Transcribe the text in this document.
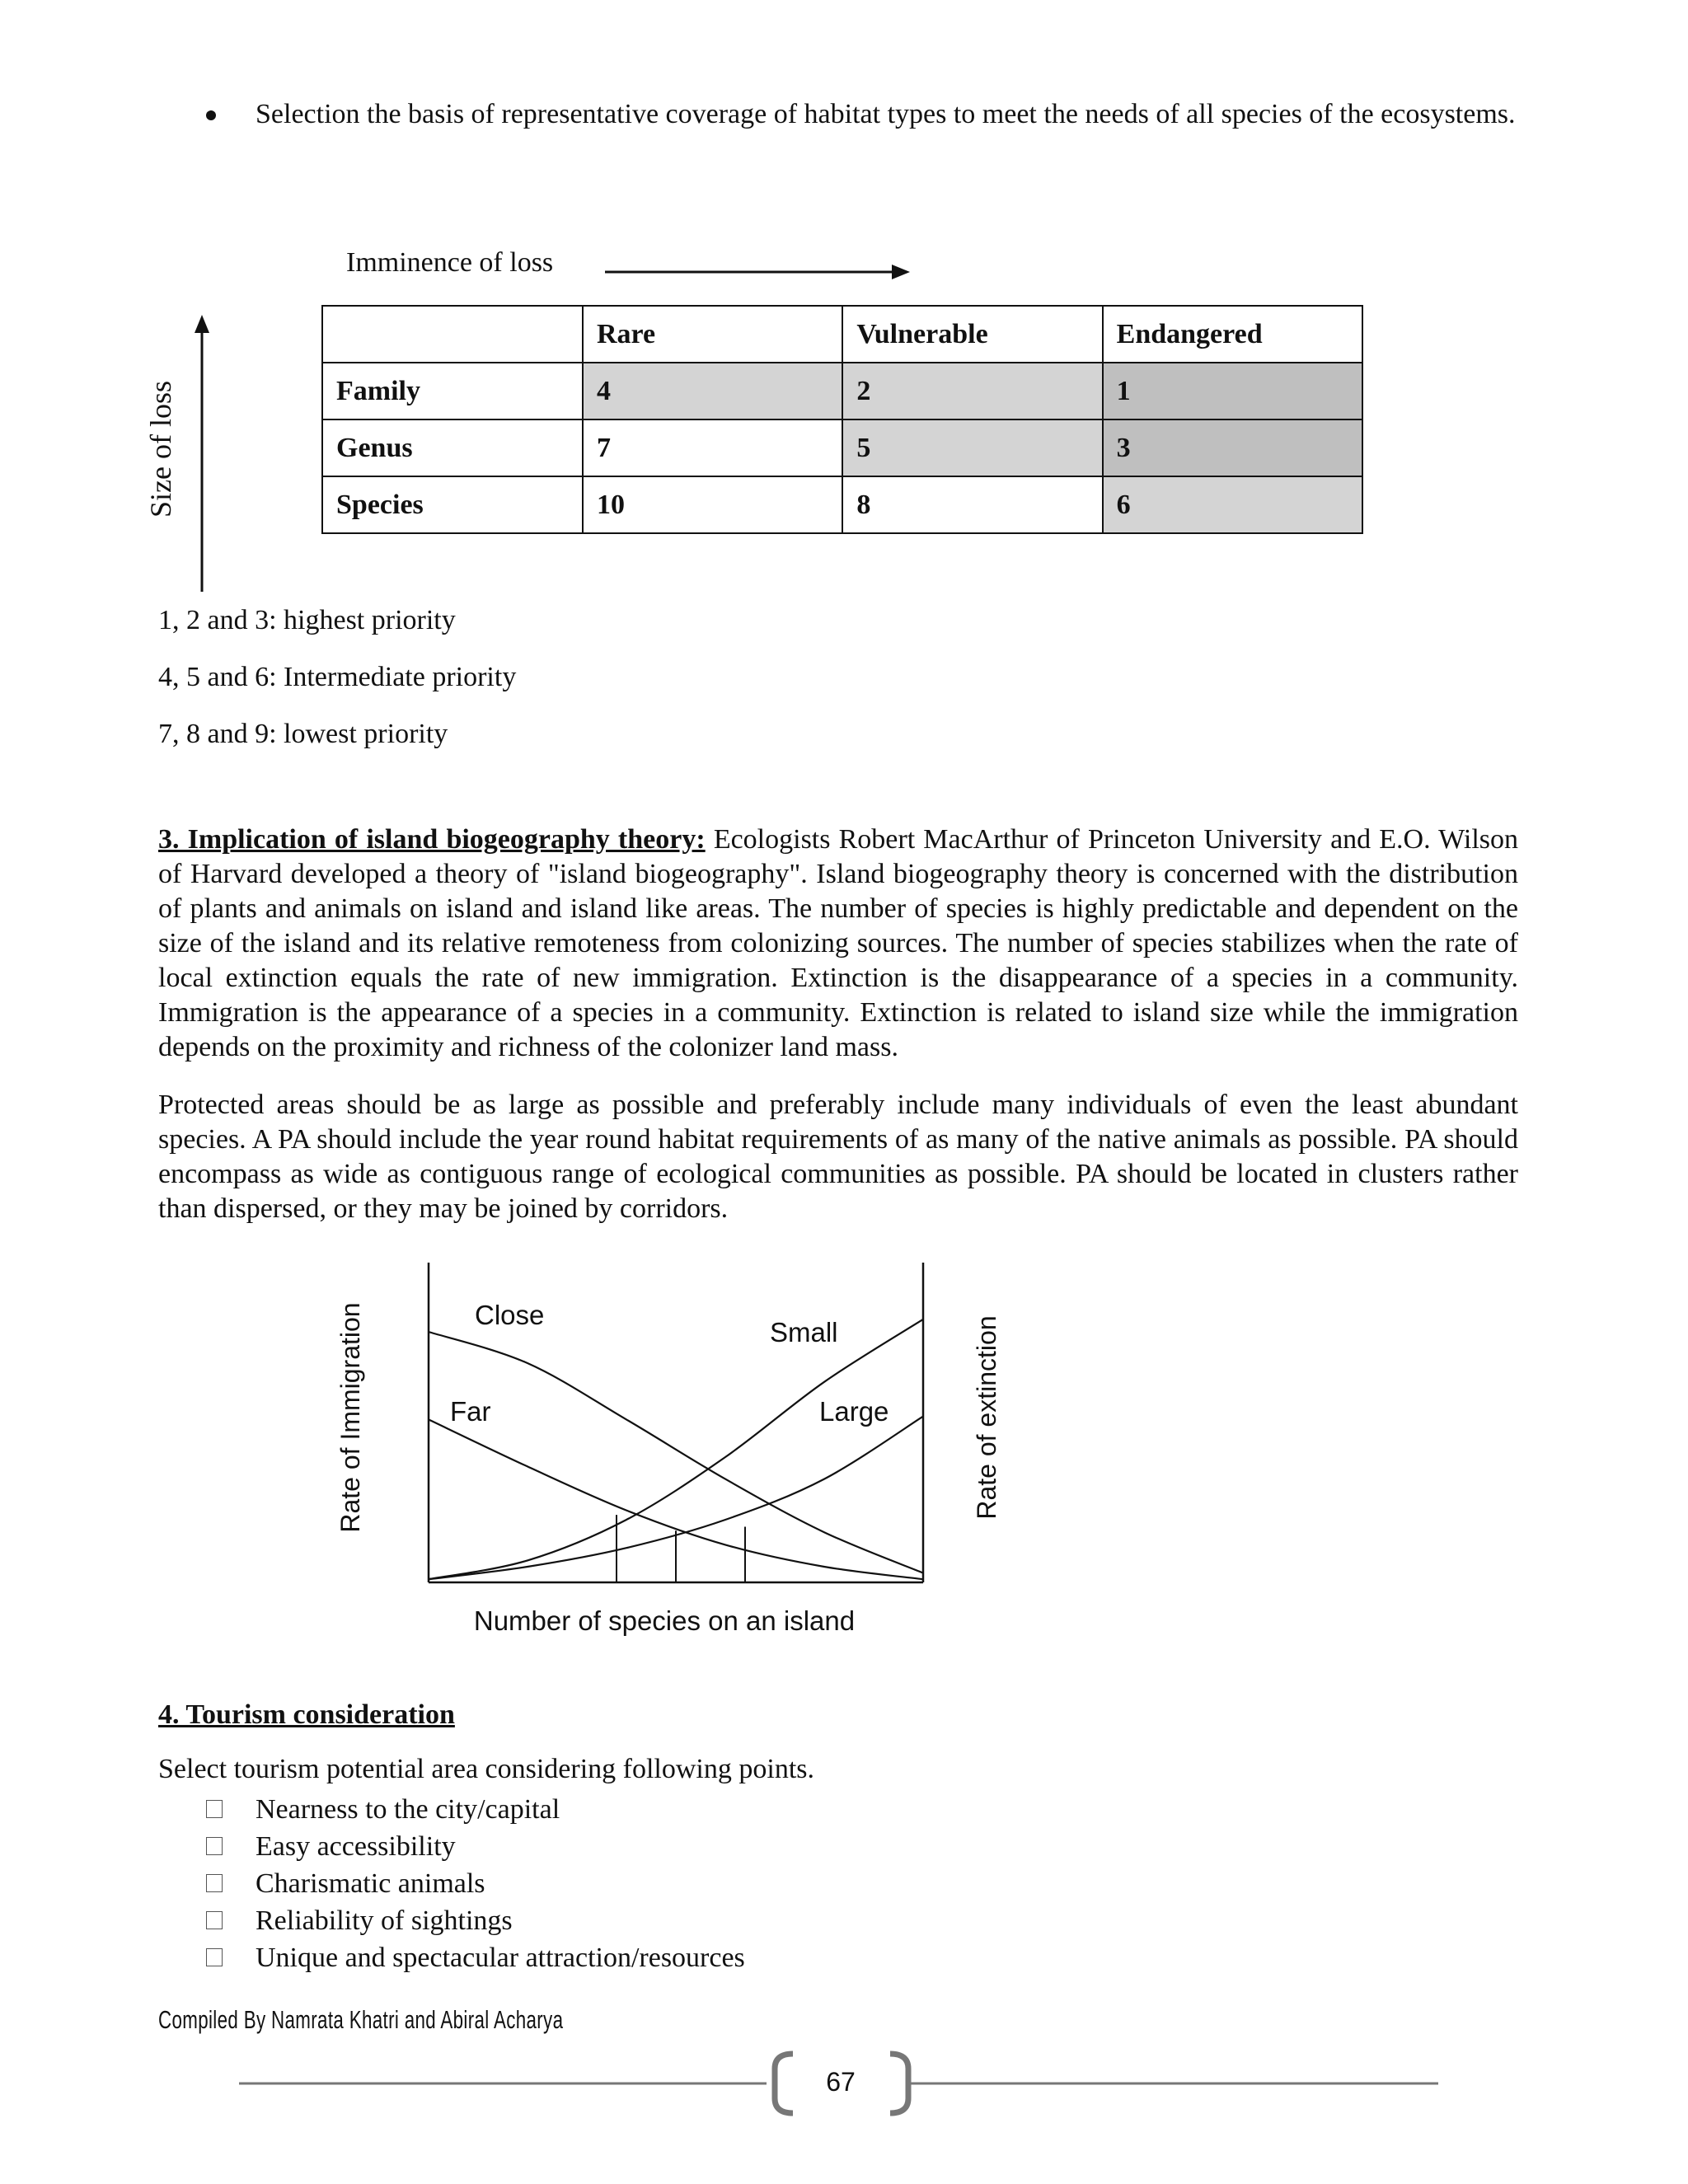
Selection the basis of representative coverage of habitat types to meet the needs of all species of the ecosystems.
Imminence of loss
Size of loss
	Rare	Vulnerable	Endangered
Family	4	2	1
Genus	7	5	3
Species	10	8	6
1, 2 and 3: highest priority
4, 5 and 6: Intermediate priority
7, 8 and 9: lowest priority
3. Implication of island biogeography theory: Ecologists Robert MacArthur of Princeton University and E.O. Wilson of Harvard developed a theory of "island biogeography". Island biogeography theory is concerned with the distribution of plants and animals on island and island like areas. The number of species is highly predictable and dependent on the size of the island and its relative remoteness from colonizing sources. The number of species stabilizes when the rate of local extinction equals the rate of new immigration. Extinction is the disappearance of a species in a community. Immigration is the appearance of a species in a community. Extinction is related to island size while the immigration depends on the proximity and richness of the colonizer land mass.
Protected areas should be as large as possible and preferably include many individuals of even the least abundant species. A PA should include the year round habitat requirements of as many of the native animals as possible. PA should encompass as wide as contiguous range of ecological communities as possible. PA should be located in clusters rather than dispersed, or they may be joined by corridors.
Close
Far
Small
Large
Rate of Immigration	Rate of extinction
Number of species on an island
4. Tourism consideration
Select tourism potential area considering following points.
Nearness to the city/capital
Easy accessibility
Charismatic animals
Reliability of sightings
Unique and spectacular attraction/resources
Compiled By Namrata Khatri and Abiral Acharya
67
